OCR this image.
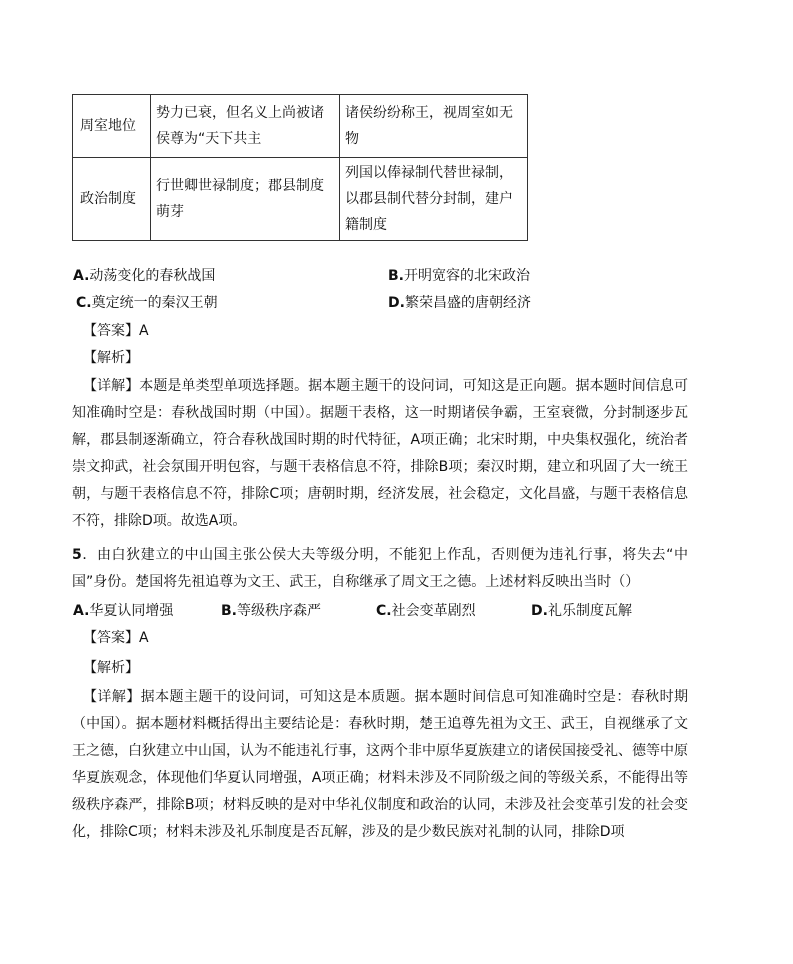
周室地位	势力已衰，但名义上尚被诸侯尊为“天下共主	诸侯纷纷称王，视周室如无物

政治制度	行世卿世禄制度；郡县制度萌芽	列国以俸禄制代替世禄制，以郡县制代替分封制，建户籍制度
A.动荡变化的春秋战国	B.开明宽容的北宋政治
C.奠定统一的秦汉王朝	D.繁荣昌盛的唐朝经济
【答案】A
【解析】

【详解】本题是单类型单项选择题。据本题主题干的设问词，可知这是正向题。据本题时间信息可知准确时空是：春秋战国时期（中国）。据题干表格，这一时期诸侯争霸，王室衰微，分封制逐步瓦解，郡县制逐渐确立，符合春秋战国时期的时代特征，A项正确；北宋时期，中央集权强化，统治者崇文抑武，社会氛围开明包容，与题干表格信息不符，排除B项；秦汉时期，建立和巩固了大一统王朝，与题干表格信息不符，排除C项；唐朝时期，经济发展，社会稳定，文化昌盛，与题干表格信息不符，排除D项。故选A项。

5．由白狄建立的中山国主张公侯大夫等级分明，不能犯上作乱，否则便为违礼行事，将失去“中国”身份。楚国将先祖追尊为文王、武王，自称继承了周文王之德。上述材料反映出当时（）

A.华夏认同增强	B.等级秩序森严	C.社会变革剧烈	D.礼乐制度瓦解
【答案】A
【解析】

【详解】据本题主题干的设问词，可知这是本质题。据本题时间信息可知准确时空是：春秋时期（中国）。据本题材料概括得出主要结论是：春秋时期，楚王追尊先祖为文王、武王，自视继承了文王之德，白狄建立中山国，认为不能违礼行事，这两个非中原华夏族建立的诸侯国接受礼、德等中原华夏族观念，体现他们华夏认同增强，A项正确；材料未涉及不同阶级之间的等级关系，不能得出等级秩序森严，排除B项；材料反映的是对中华礼仪制度和政治的认同，未涉及社会变革引发的社会变化，排除C项；材料未涉及礼乐制度是否瓦解，涉及的是少数民族对礼制的认同，排除D项
